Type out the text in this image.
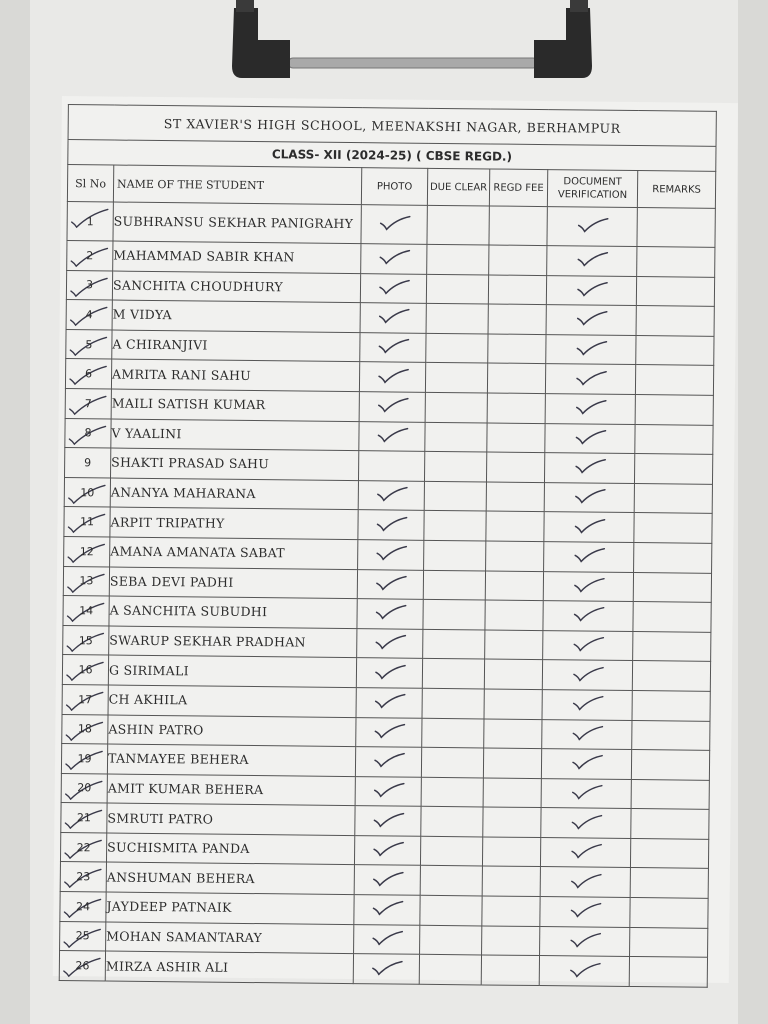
ST XAVIER'S HIGH SCHOOL, MEENAKSHI NAGAR, BERHAMPUR						
CLASS- XII (2024-25) ( CBSE REGD.)						
Sl No	NAME OF THE STUDENT	PHOTO	DUE CLEAR	REGD FEE	DOCUMENT VERIFICATION	REMARKS

1	SUBHRANSU SEKHAR PANIGRAHY					

2	MAHAMMAD SABIR KHAN					

3	SANCHITA CHOUDHURY					

4	M VIDYA					

5	A CHIRANJIVI					

6	AMRITA RANI SAHU					

7	MAILI SATISH KUMAR					

8	V YAALINI					
9	SHAKTI PRASAD SAHU					

10	ANANYA MAHARANA					

11	ARPIT TRIPATHY					

12	AMANA AMANATA SABAT					

13	SEBA DEVI PADHI					

14	A SANCHITA SUBUDHI					

15	SWARUP SEKHAR PRADHAN					

16	G SIRIMALI					

17	CH AKHILA					

18	ASHIN PATRO					

19	TANMAYEE BEHERA					

20	AMIT KUMAR BEHERA					

21	SMRUTI PATRO					

22	SUCHISMITA PANDA					

23	ANSHUMAN BEHERA					

24	JAYDEEP PATNAIK					

25	MOHAN SAMANTARAY					

26	MIRZA ASHIR ALI					
